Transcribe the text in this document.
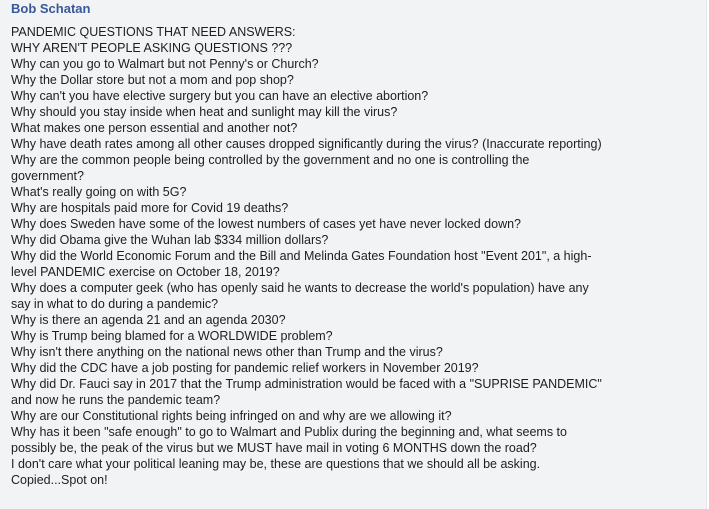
Bob Schatan
PANDEMIC QUESTIONS THAT NEED ANSWERS:
WHY AREN'T PEOPLE ASKING QUESTIONS ???
Why can you go to Walmart but not Penny's or Church?
Why the Dollar store but not a mom and pop shop?
Why can't you have elective surgery but you can have an elective abortion?
Why should you stay inside when heat and sunlight may kill the virus?
What makes one person essential and another not?
Why have death rates among all other causes dropped significantly during the virus? (Inaccurate reporting)
Why are the common people being controlled by the government and no one is controlling the government?
What's really going on with 5G?
Why are hospitals paid more for Covid 19 deaths?
Why does Sweden have some of the lowest numbers of cases yet have never locked down?
Why did Obama give the Wuhan lab $334 million dollars?
Why did the World Economic Forum and the Bill and Melinda Gates Foundation host "Event 201", a high-level PANDEMIC exercise on October 18, 2019?
Why does a computer geek (who has openly said he wants to decrease the world's population) have any say in what to do during a pandemic?
Why is there an agenda 21 and an agenda 2030?
Why is Trump being blamed for a WORLDWIDE problem?
Why isn't there anything on the national news other than Trump and the virus?
Why did the CDC have a job posting for pandemic relief workers in November 2019?
Why did Dr. Fauci say in 2017 that the Trump administration would be faced with a "SUPRISE PANDEMIC" and now he runs the pandemic team?
Why are our Constitutional rights being infringed on and why are we allowing it?
Why has it been "safe enough" to go to Walmart and Publix during the beginning and, what seems to possibly be, the peak of the virus but we MUST have mail in voting 6 MONTHS down the road?
I don't care what your political leaning may be, these are questions that we should all be asking.
Copied...Spot on!
